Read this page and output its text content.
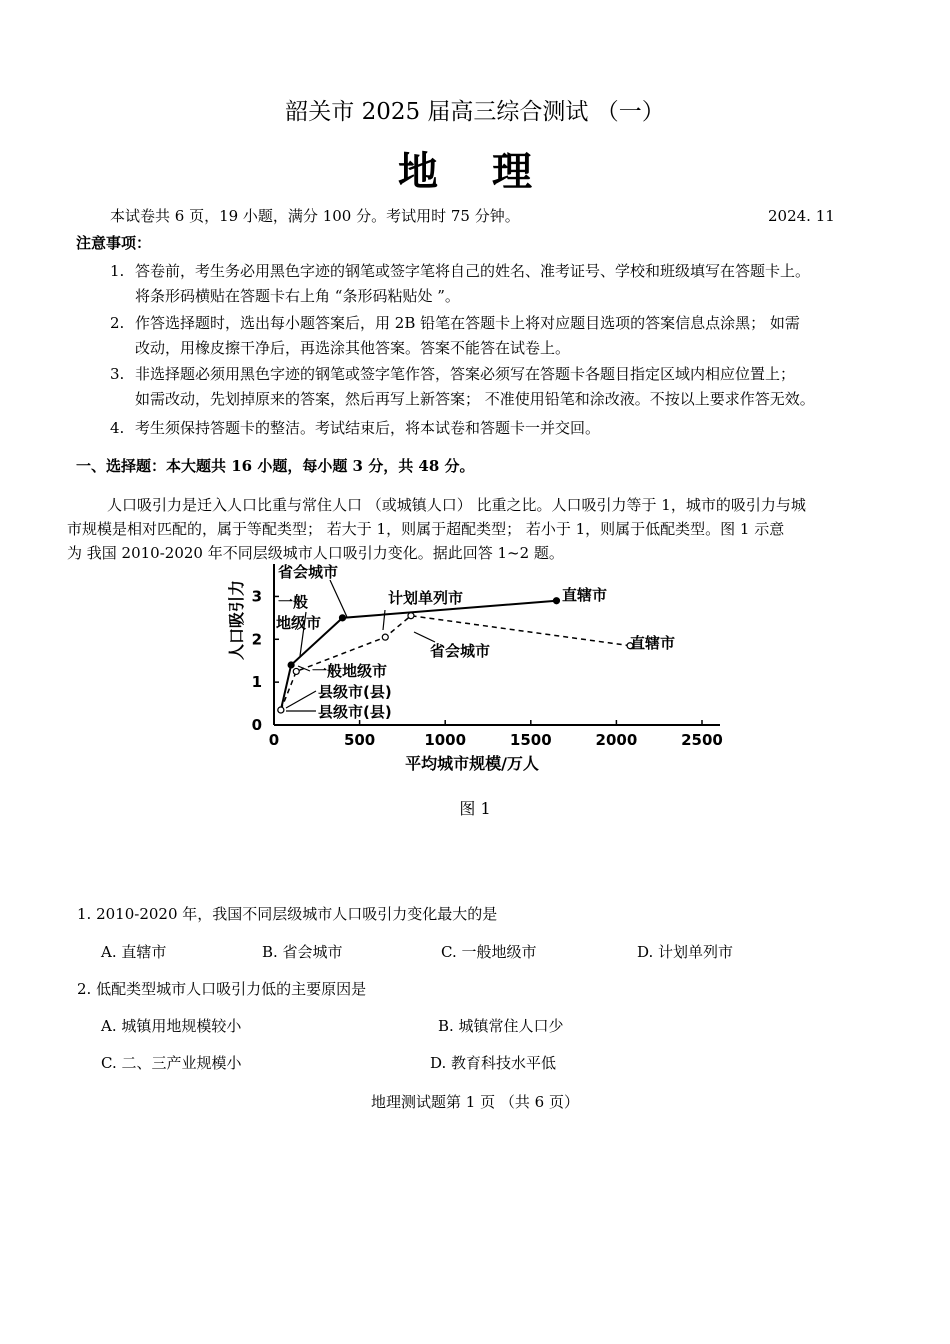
韶关市 2025 届高三综合测试 （一）
地 理
本试卷共 6 页，19 小题，满分 100 分。考试用时 75 分钟。	2024. 11
注意事项：
1. 答卷前，考生务必用黑色字迹的钢笔或签字笔将自己的姓名、准考证号、学校和班级填写在答题卡上。
将条形码横贴在答题卡右上角 “条形码粘贴处 ”。
2. 作答选择题时，选出每小题答案后，用 2B 铅笔在答题卡上将对应题目选项的答案信息点涂黑； 如需
改动，用橡皮擦干净后，再选涂其他答案。答案不能答在试卷上。
3. 非选择题必须用黑色字迹的钢笔或签字笔作答，答案必须写在答题卡各题目指定区域内相应位置上；
如需改动，先划掉原来的答案，然后再写上新答案； 不准使用铅笔和涂改液。不按以上要求作答无效。
4. 考生须保持答题卡的整洁。考试结束后，将本试卷和答题卡一并交回。
一、选择题：本大题共 16 小题，每小题 3 分，共 48 分。
人口吸引力是迁入人口比重与常住人口 （或城镇人口） 比重之比。人口吸引力等于 1，城市的吸引力与城
市规模是相对匹配的，属于等配类型； 若大于 1，则属于超配类型； 若小于 1，则属于低配类型。图 1 示意
为 我国 2010-2020 年不同层级城市人口吸引力变化。据此回答 1~2 题。
0
1
2
3
0	500	1000	1500	2000	2500
人口吸引力
平均城市规模/万人
省会城市
一般
地级市
计划单列市	直辖市
省会城市	直辖市
一般地级市
县级市(县)
县级市(县)
图 1
1. 2010-2020 年，我国不同层级城市人口吸引力变化最大的是
A. 直辖市	B. 省会城市	C. 一般地级市	D. 计划单列市
2. 低配类型城市人口吸引力低的主要原因是
A. 城镇用地规模较小	B. 城镇常住人口少
C. 二、三产业规模小	D. 教育科技水平低
地理测试题第 1 页 （共 6 页）
